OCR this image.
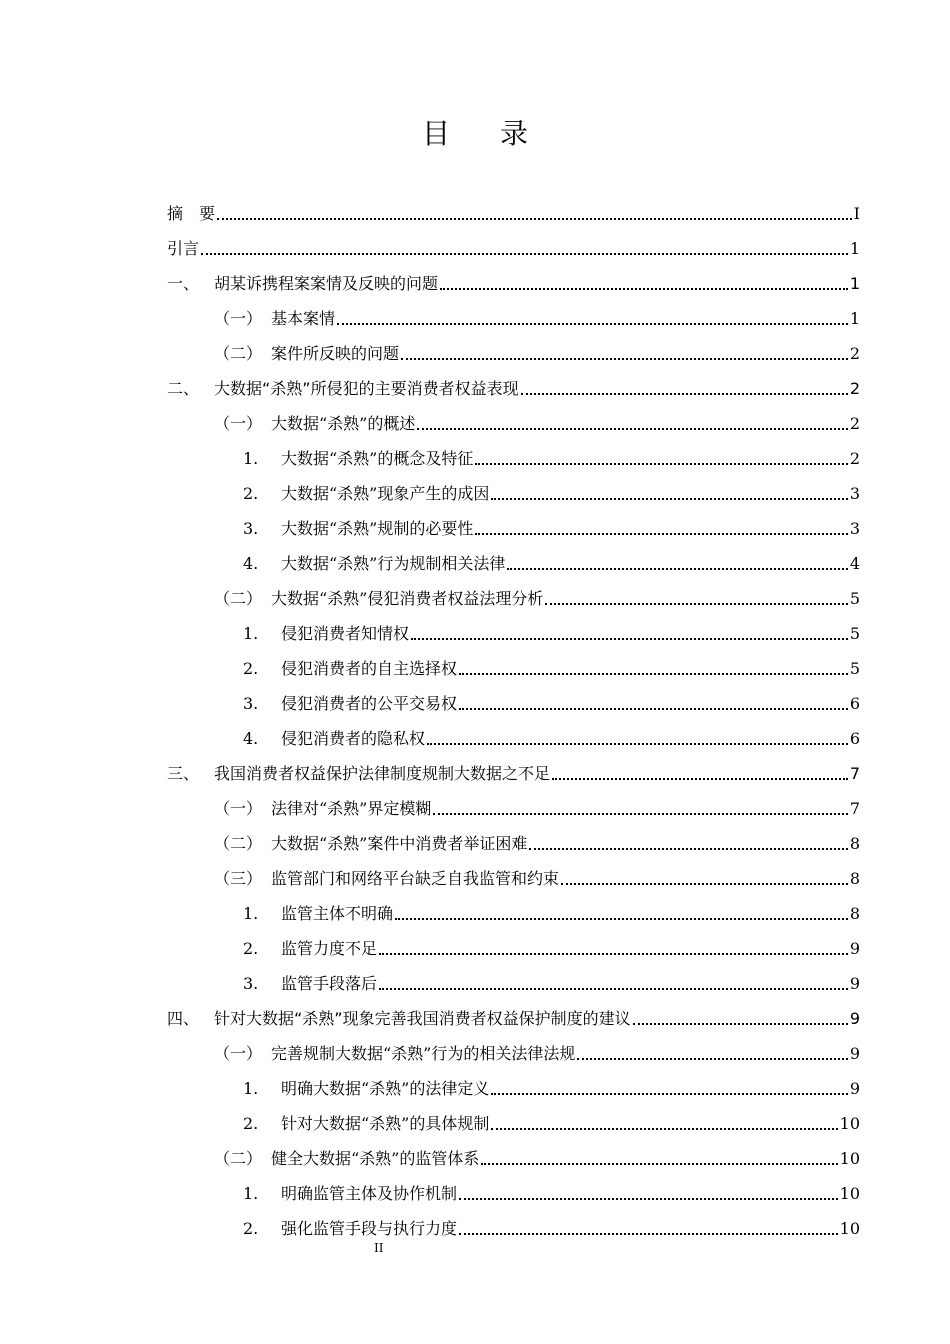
目 录
摘　要	I
引言	1
一、 胡某诉携程案案情及反映的问题	1
（一） 基本案情	1
（二） 案件所反映的问题	2
二、 大数据“杀熟”所侵犯的主要消费者权益表现	2
（一） 大数据“杀熟”的概述	2
1.	大数据“杀熟”的概念及特征	2
2.	大数据“杀熟”现象产生的成因	3
3.	大数据“杀熟”规制的必要性	3
4.	大数据“杀熟”行为规制相关法律	4
（二） 大数据“杀熟”侵犯消费者权益法理分析	5
1.	侵犯消费者知情权	5
2.	侵犯消费者的自主选择权	5
3.	侵犯消费者的公平交易权	6
4.	侵犯消费者的隐私权	6
三、 我国消费者权益保护法律制度规制大数据之不足	7
（一） 法律对“杀熟”界定模糊	7
（二） 大数据“杀熟”案件中消费者举证困难	8
（三） 监管部门和网络平台缺乏自我监管和约束	8
1.	监管主体不明确	8
2.	监管力度不足	9
3.	监管手段落后	9
四、 针对大数据“杀熟”现象完善我国消费者权益保护制度的建议	9
（一） 完善规制大数据“杀熟”行为的相关法律法规	9
1.	明确大数据“杀熟”的法律定义	9
2.	针对大数据“杀熟”的具体规制	10
（二） 健全大数据“杀熟”的监管体系	10
1.	明确监管主体及协作机制	10
2.	强化监管手段与执行力度	10
II
